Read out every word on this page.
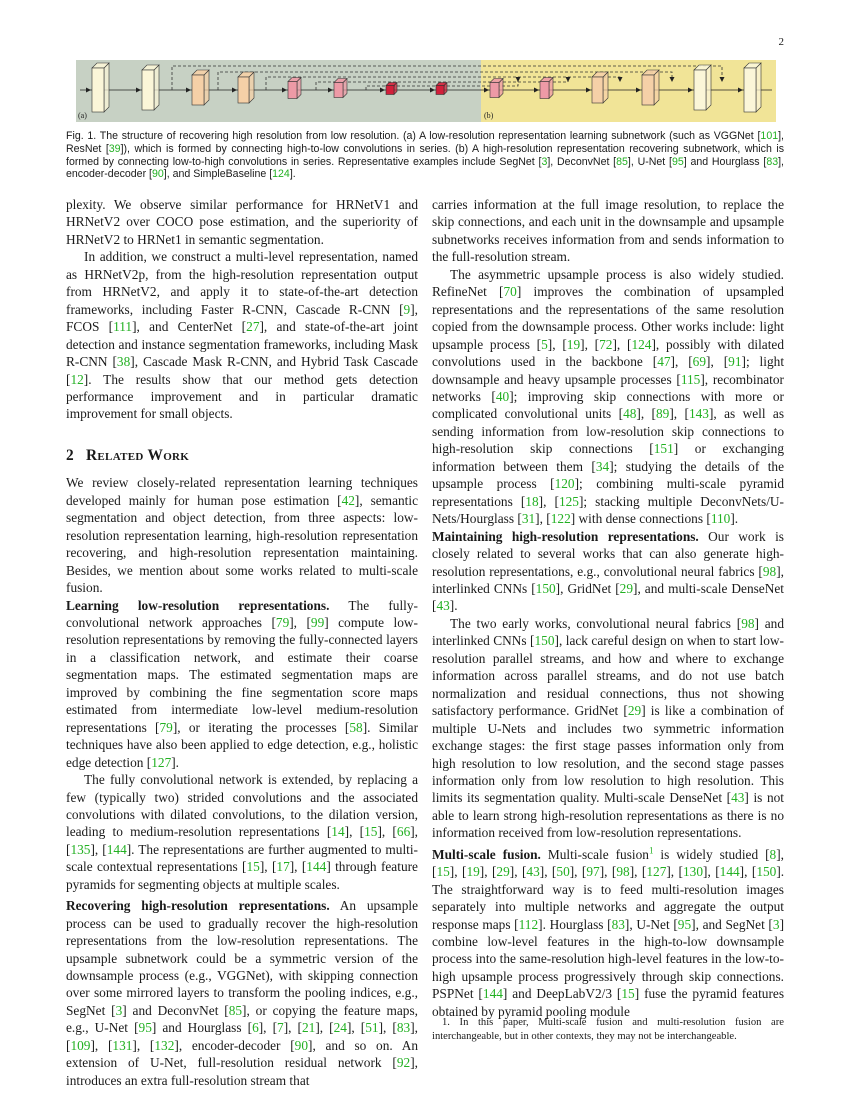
2
(a)	(b)
Fig. 1. The structure of recovering high resolution from low resolution. (a) A low-resolution representation learning subnetwork (such as VGGNet [101], ResNet [39]), which is formed by connecting high-to-low convolutions in series. (b) A high-resolution representation recovering subnetwork, which is formed by connecting low-to-high convolutions in series. Representative examples include SegNet [3], DeconvNet [85], U-Net [95] and Hourglass [83], encoder-decoder [90], and SimpleBaseline [124].

plexity. We observe similar performance for HRNetV1 and HRNetV2 over COCO pose estimation, and the superiority of HRNetV2 to HRNet1 in semantic segmentation.

In addition, we construct a multi-level representation, named as HRNetV2p, from the high-resolution representation output from HRNetV2, and apply it to state-of-the-art detection frameworks, including Faster R-CNN, Cascade R-CNN [9], FCOS [111], and CenterNet [27], and state-of-the-art joint detection and instance segmentation frameworks, including Mask R-CNN [38], Cascade Mask R-CNN, and Hybrid Task Cascade [12]. The results show that our method gets detection performance improvement and in particular dramatic improvement for small objects.

2 Related Work

We review closely-related representation learning techniques developed mainly for human pose estimation [42], semantic segmentation and object detection, from three aspects: low-resolution representation learning, high-resolution representation recovering, and high-resolution representation maintaining. Besides, we mention about some works related to multi-scale fusion.

Learning low-resolution representations. The fully-convolutional network approaches [79], [99] compute low-resolution representations by removing the fully-connected layers in a classification network, and estimate their coarse segmentation maps. The estimated segmentation maps are improved by combining the fine segmentation score maps estimated from intermediate low-level medium-resolution representations [79], or iterating the processes [58]. Similar techniques have also been applied to edge detection, e.g., holistic edge detection [127].

The fully convolutional network is extended, by replacing a few (typically two) strided convolutions and the associated convolutions with dilated convolutions, to the dilation version, leading to medium-resolution representations [14], [15], [66], [135], [144]. The representations are further augmented to multi-scale contextual representations [15], [17], [144] through feature pyramids for segmenting objects at multiple scales.

Recovering high-resolution representations. An upsample process can be used to gradually recover the high-resolution representations from the low-resolution representations. The upsample subnetwork could be a symmetric version of the downsample process (e.g., VGGNet), with skipping connection over some mirrored layers to transform the pooling indices, e.g., SegNet [3] and DeconvNet [85], or copying the feature maps, e.g., U-Net [95] and Hourglass [6], [7], [21], [24], [51], [83], [109], [131], [132], encoder-decoder [90], and so on. An extension of U-Net, full-resolution residual network [92], introduces an extra full-resolution stream that

carries information at the full image resolution, to replace the skip connections, and each unit in the downsample and upsample subnetworks receives information from and sends information to the full-resolution stream.

The asymmetric upsample process is also widely studied. RefineNet [70] improves the combination of upsampled representations and the representations of the same resolution copied from the downsample process. Other works include: light upsample process [5], [19], [72], [124], possibly with dilated convolutions used in the backbone [47], [69], [91]; light downsample and heavy upsample processes [115], recombinator networks [40]; improving skip connections with more or complicated convolutional units [48], [89], [143], as well as sending information from low-resolution skip connections to high-resolution skip connections [151] or exchanging information between them [34]; studying the details of the upsample process [120]; combining multi-scale pyramid representations [18], [125]; stacking multiple DeconvNets/U-Nets/Hourglass [31], [122] with dense connections [110].

Maintaining high-resolution representations. Our work is closely related to several works that can also generate high-resolution representations, e.g., convolutional neural fabrics [98], interlinked CNNs [150], GridNet [29], and multi-scale DenseNet [43].

The two early works, convolutional neural fabrics [98] and interlinked CNNs [150], lack careful design on when to start low-resolution parallel streams, and how and where to exchange information across parallel streams, and do not use batch normalization and residual connections, thus not showing satisfactory performance. GridNet [29] is like a combination of multiple U-Nets and includes two symmetric information exchange stages: the first stage passes information only from high resolution to low resolution, and the second stage passes information only from low resolution to high resolution. This limits its segmentation quality. Multi-scale DenseNet [43] is not able to learn strong high-resolution representations as there is no information received from low-resolution representations.

Multi-scale fusion. Multi-scale fusion$^1$ is widely studied [8], [15], [19], [29], [43], [50], [97], [98], [127], [130], [144], [150]. The straightforward way is to feed multi-resolution images separately into multiple networks and aggregate the output response maps [112]. Hourglass [83], U-Net [95], and SegNet [3] combine low-level features in the high-to-low downsample process into the same-resolution high-level features in the low-to-high upsample process progressively through skip connections. PSPNet [144] and DeepLabV2/3 [15] fuse the pyramid features obtained by pyramid pooling module

1. In this paper, Multi-scale fusion and multi-resolution fusion are interchangeable, but in other contexts, they may not be interchangeable.
